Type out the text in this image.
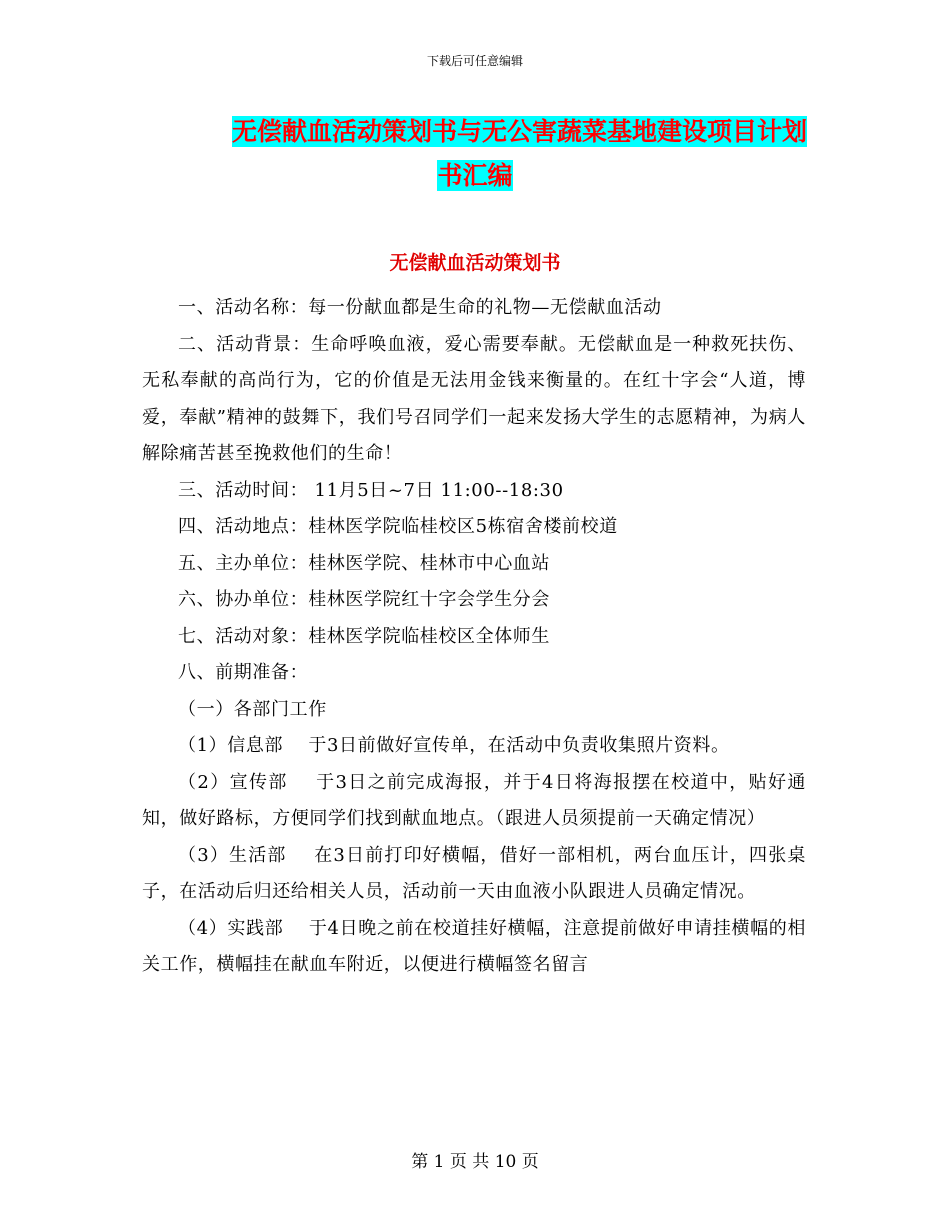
下载后可任意编辑
无偿献血活动策划书与无公害蔬菜基地建设项目计划
书汇编
无偿献血活动策划书

一、活动名称：每一份献血都是生命的礼物—无偿献血活动

二、活动背景：生命呼唤血液，爱心需要奉献。无偿献血是一种救死扶伤、无私奉献的高尚行为，它的价值是无法用金钱来衡量的。在红十字会“人道，博爱，奉献”精神的鼓舞下，我们号召同学们一起来发扬大学生的志愿精神，为病人解除痛苦甚至挽救他们的生命！

三、活动时间： 11月5日~7日 11:00--18:30

四、活动地点：桂林医学院临桂校区5栋宿舍楼前校道

五、主办单位：桂林医学院、桂林市中心血站

六、协办单位：桂林医学院红十字会学生分会

七、活动对象：桂林医学院临桂校区全体师生

八、前期准备：

（一）各部门工作

（1）信息部    于3日前做好宣传单，在活动中负责收集照片资料。

（2）宣传部    于3日之前完成海报，并于4日将海报摆在校道中，贴好通知，做好路标，方便同学们找到献血地点。（跟进人员须提前一天确定情况）

（3）生活部    在3日前打印好横幅，借好一部相机，两台血压计，四张桌子，在活动后归还给相关人员，活动前一天由血液小队跟进人员确定情况。

（4）实践部    于4日晚之前在校道挂好横幅，注意提前做好申请挂横幅的相关工作，横幅挂在献血车附近，以便进行横幅签名留言

第 1 页 共 10 页
